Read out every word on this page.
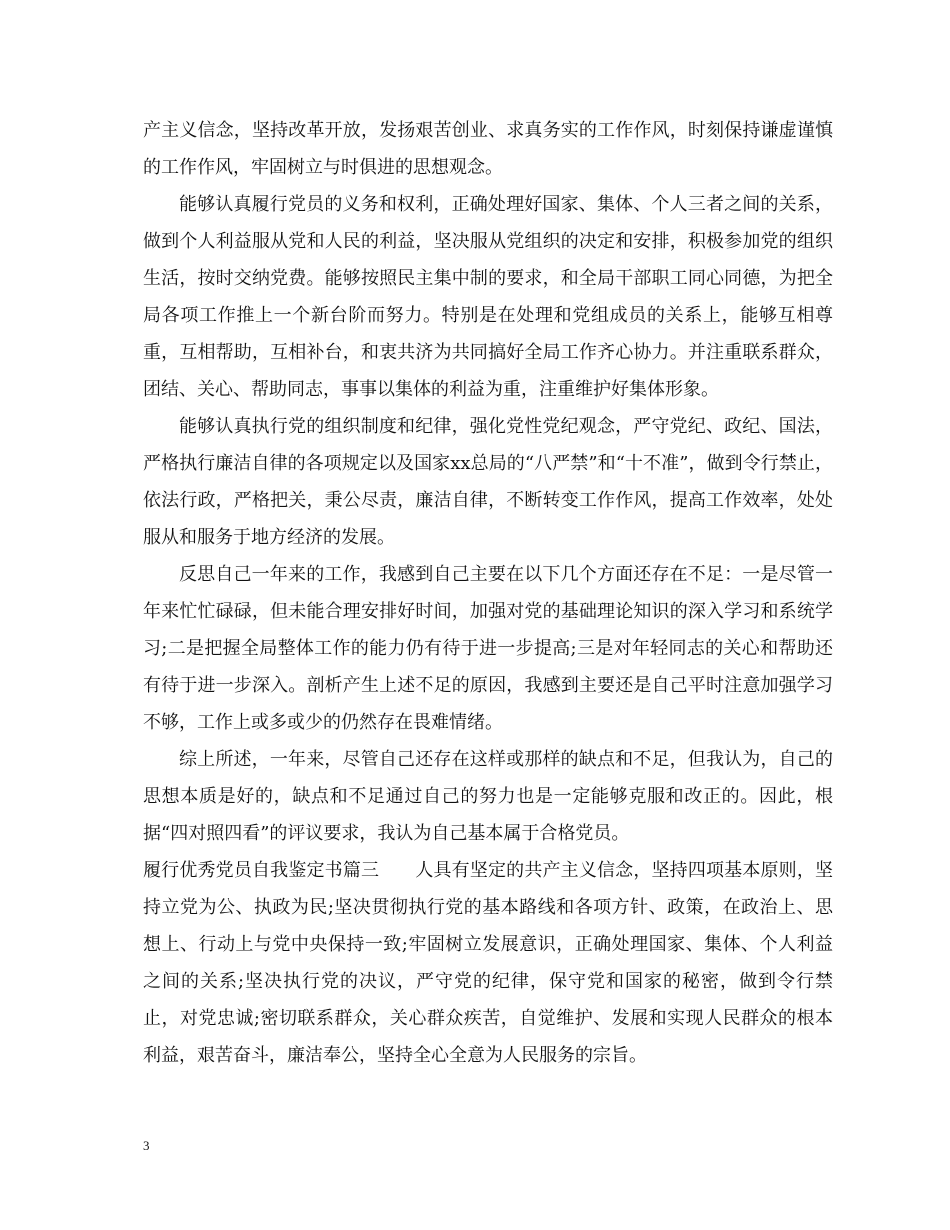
产主义信念，坚持改革开放，发扬艰苦创业、求真务实的工作作风，时刻保持谦虚谨慎的工作作风，牢固树立与时俱进的思想观念。

能够认真履行党员的义务和权利，正确处理好国家、集体、个人三者之间的关系，做到个人利益服从党和人民的利益，坚决服从党组织的决定和安排，积极参加党的组织生活，按时交纳党费。能够按照民主集中制的要求，和全局干部职工同心同德，为把全局各项工作推上一个新台阶而努力。特别是在处理和党组成员的关系上，能够互相尊重，互相帮助，互相补台，和衷共济为共同搞好全局工作齐心协力。并注重联系群众，团结、关心、帮助同志，事事以集体的利益为重，注重维护好集体形象。

能够认真执行党的组织制度和纪律，强化党性党纪观念，严守党纪、政纪、国法，严格执行廉洁自律的各项规定以及国家xx总局的“八严禁”和“十不准”，做到令行禁止，依法行政，严格把关，秉公尽责，廉洁自律，不断转变工作作风，提高工作效率，处处服从和服务于地方经济的发展。

反思自己一年来的工作，我感到自己主要在以下几个方面还存在不足：一是尽管一年来忙忙碌碌，但未能合理安排好时间，加强对党的基础理论知识的深入学习和系统学习;二是把握全局整体工作的能力仍有待于进一步提高;三是对年轻同志的关心和帮助还有待于进一步深入。剖析产生上述不足的原因，我感到主要还是自己平时注意加强学习不够，工作上或多或少的仍然存在畏难情绪。

综上所述，一年来，尽管自己还存在这样或那样的缺点和不足，但我认为，自己的思想本质是好的，缺点和不足通过自己的努力也是一定能够克服和改正的。因此，根据“四对照四看”的评议要求，我认为自己基本属于合格党员。

履行优秀党员自我鉴定书篇三 人具有坚定的共产主义信念，坚持四项基本原则，坚持立党为公、执政为民;坚决贯彻执行党的基本路线和各项方针、政策，在政治上、思想上、行动上与党中央保持一致;牢固树立发展意识，正确处理国家、集体、个人利益之间的关系;坚决执行党的决议，严守党的纪律，保守党和国家的秘密，做到令行禁止，对党忠诚;密切联系群众，关心群众疾苦，自觉维护、发展和实现人民群众的根本利益，艰苦奋斗，廉洁奉公，坚持全心全意为人民服务的宗旨。

3
